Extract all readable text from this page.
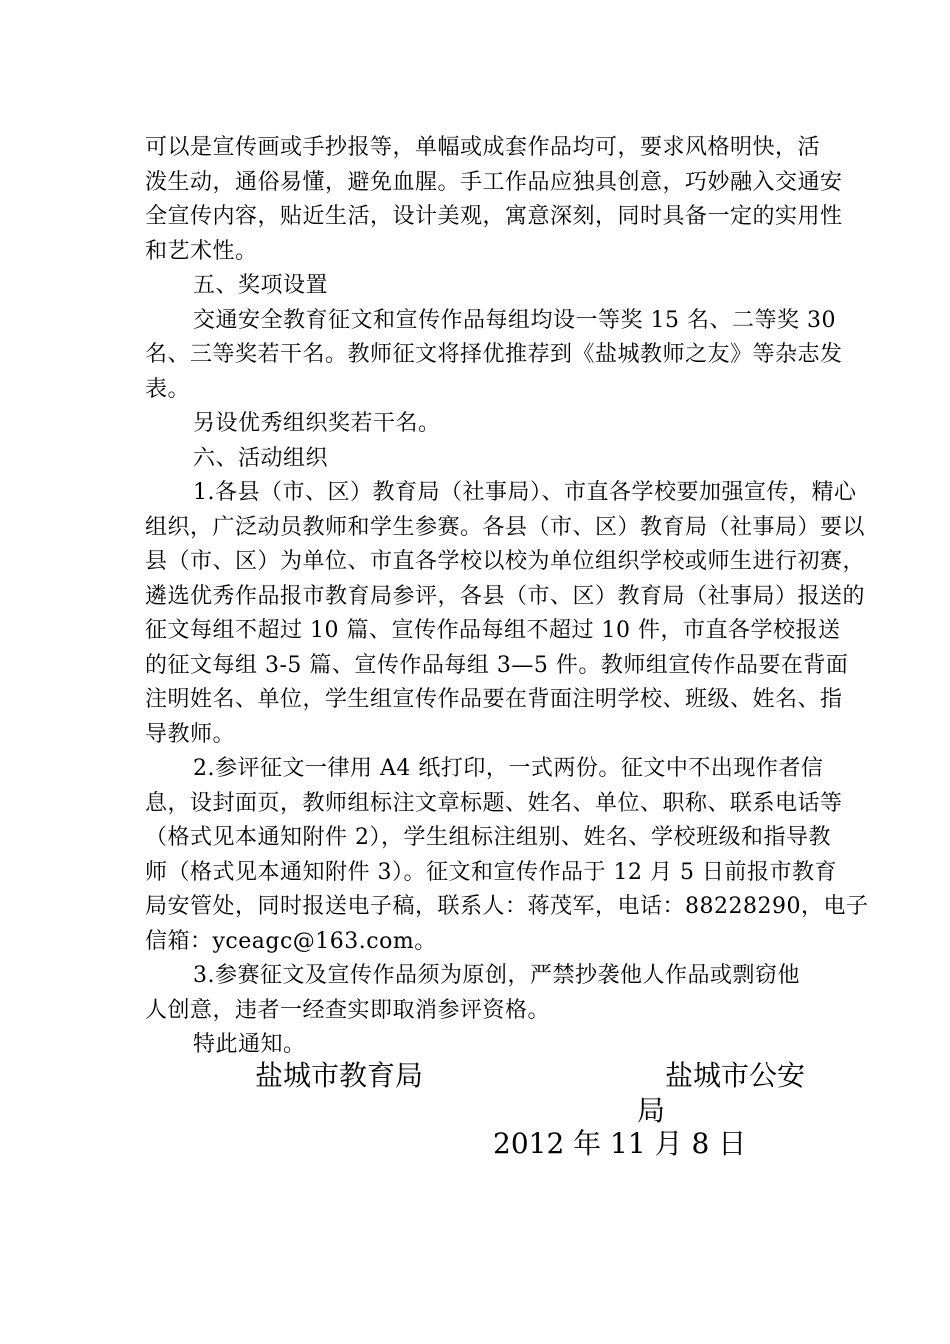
可以是宣传画或手抄报等，单幅或成套作品均可，要求风格明快，活
泼生动，通俗易懂，避免血腥。手工作品应独具创意，巧妙融入交通安
全宣传内容，贴近生活，设计美观，寓意深刻，同时具备一定的实用性
和艺术性。
五、奖项设置
交通安全教育征文和宣传作品每组均设一等奖 15 名、二等奖 30
名、三等奖若干名。教师征文将择优推荐到《盐城教师之友》等杂志发
表。
另设优秀组织奖若干名。
六、活动组织
1.各县（市、区）教育局（社事局）、市直各学校要加强宣传，精心
组织，广泛动员教师和学生参赛。各县（市、区）教育局（社事局）要以
县（市、区）为单位、市直各学校以校为单位组织学校或师生进行初赛，
遴选优秀作品报市教育局参评，各县（市、区）教育局（社事局）报送的
征文每组不超过 10 篇、宣传作品每组不超过 10 件，市直各学校报送
的征文每组 3-5 篇、宣传作品每组 3—5 件。教师组宣传作品要在背面
注明姓名、单位，学生组宣传作品要在背面注明学校、班级、姓名、指
导教师。
2.参评征文一律用 A4 纸打印，一式两份。征文中不出现作者信
息，设封面页，教师组标注文章标题、姓名、单位、职称、联系电话等
（格式见本通知附件 2），学生组标注组别、姓名、学校班级和指导教
师（格式见本通知附件 3）。征文和宣传作品于 12 月 5 日前报市教育
局安管处，同时报送电子稿，联系人：蒋茂军，电话：88228290，电子
信箱：yceagc@163.com。
3.参赛征文及宣传作品须为原创，严禁抄袭他人作品或剽窃他
人创意，违者一经查实即取消参评资格。
特此通知。
盐城市教育局	盐城市公安
局
2012 年 11 月 8 日
